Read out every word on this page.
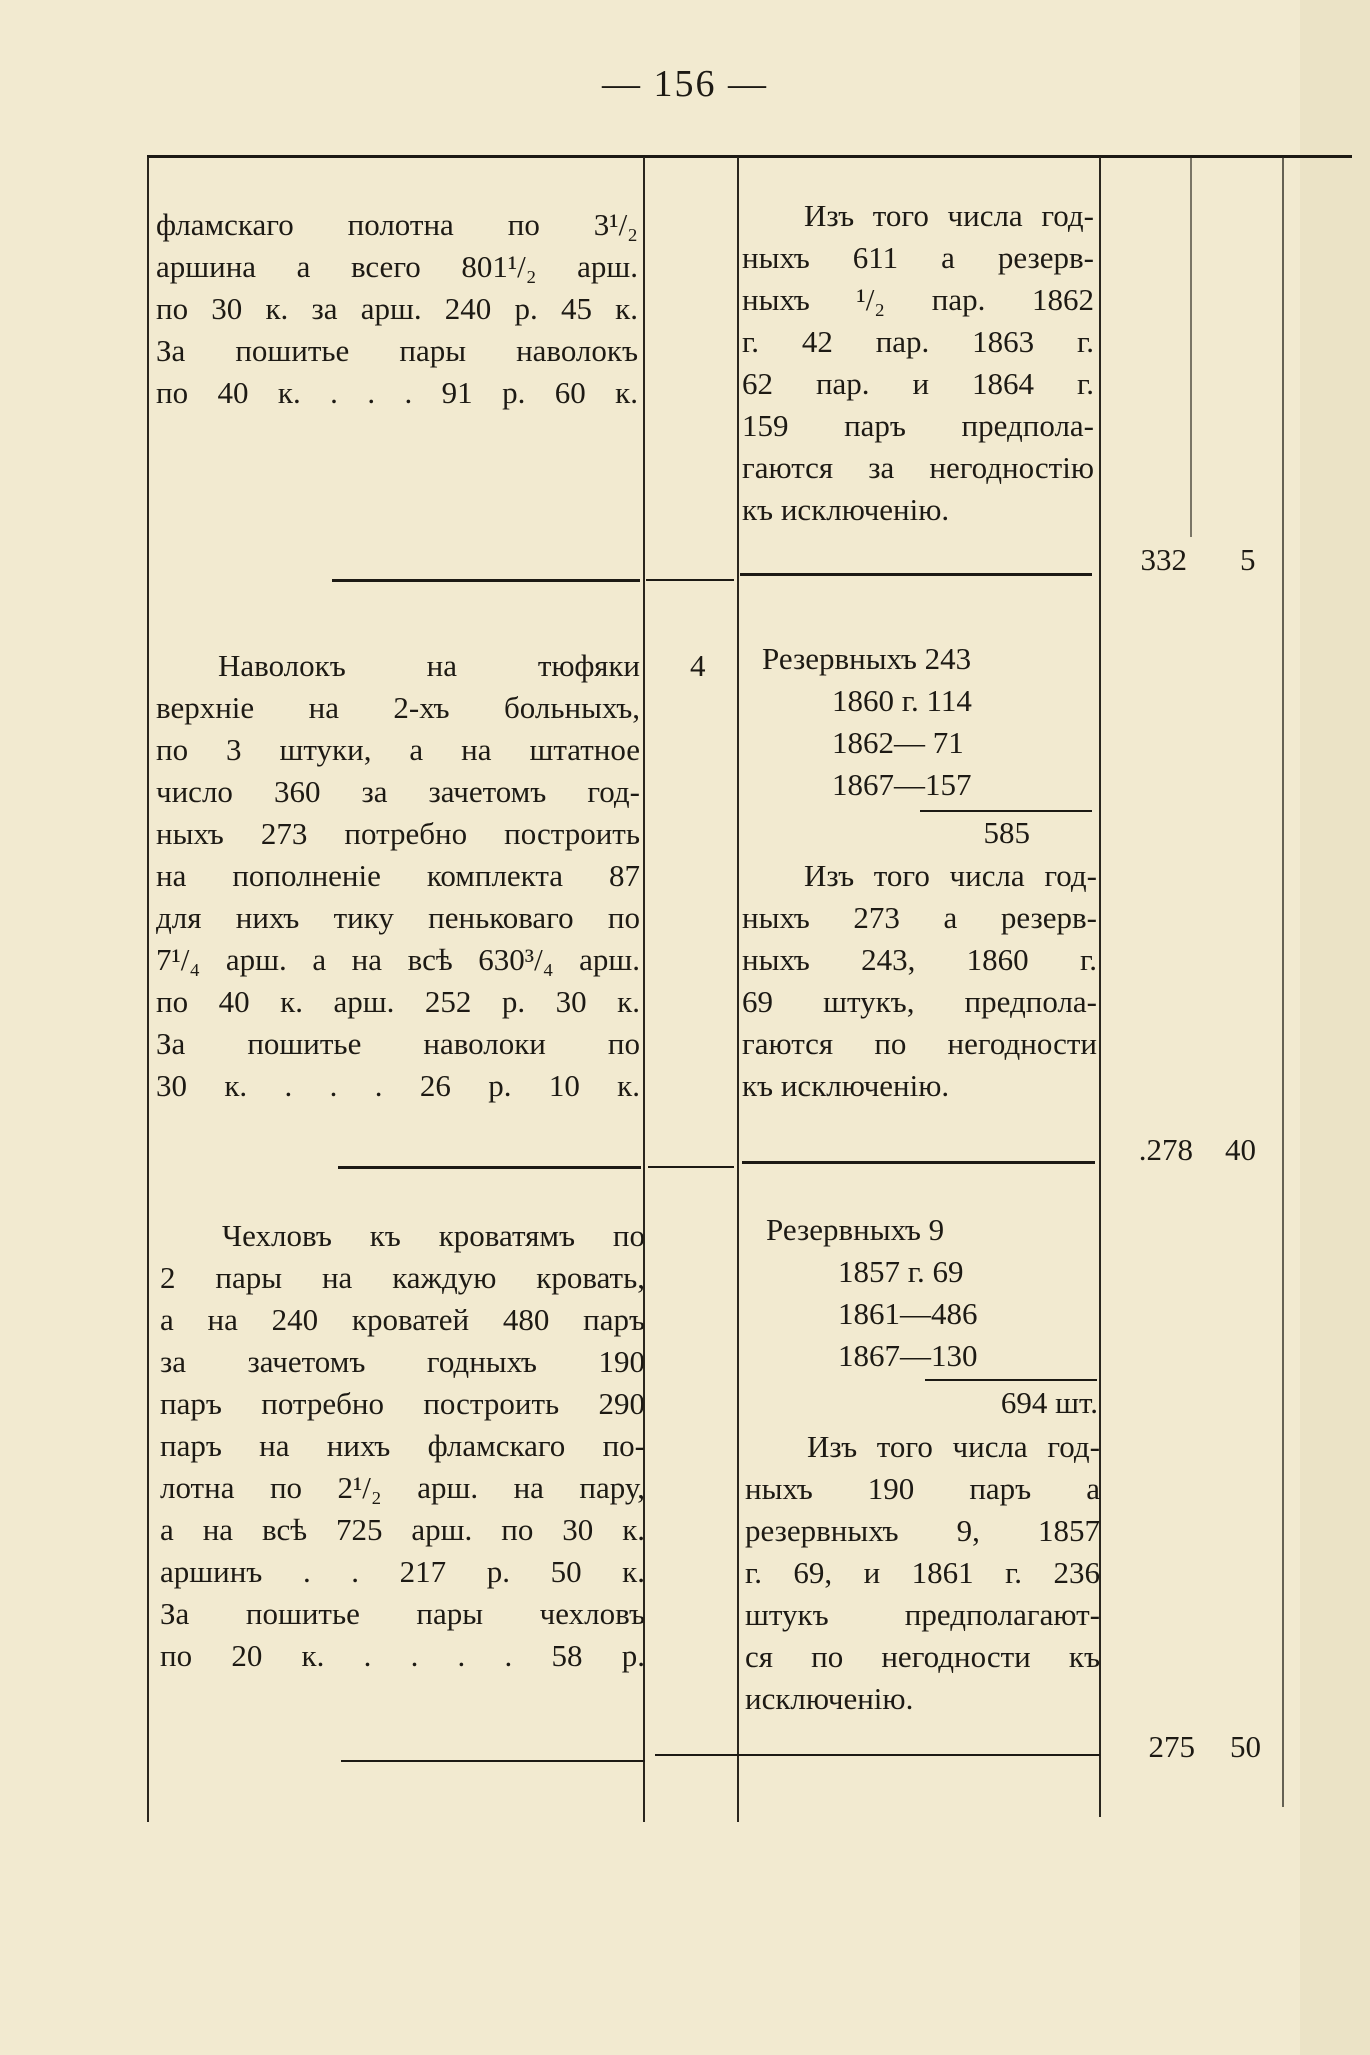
— 156 —
фламскаго полотна по 3¹/₂
аршина а всего 801¹/₂ арш.
по 30 к. за арш. 240 р. 45 к.
За пошитье пары наволокъ
по 40 к. . . . 91 р. 60 к.
Изъ того числа год-
ныхъ 611 а резерв-
ныхъ ¹/₂ пар. 1862
г. 42 пар. 1863 г.
62 пар. и 1864 г.
159 паръ предпола-
гаются за негодностію
къ исключенію.
332 5
Наволокъ на тюфяки
верхніе на 2-хъ больныхъ,
по 3 штуки, а на штатное
число 360 за зачетомъ год-
ныхъ 273 потребно построить
на пополненіе комплекта 87
для нихъ тику пеньковаго по
7¹/₄ арш. а на всѣ 630³/₄ арш.
по 40 к. арш. 252 р. 30 к.
За пошитье наволоки по
30 к. . . . 26 р. 10 к.
4 Резервныхъ 243
1860 г. 114
1862— 71
1867—157
585
Изъ того числа год-
ныхъ 273 а резерв-
ныхъ 243, 1860 г.
69 штукъ, предпола-
гаются по негодности
къ исключенію.
.278 40
Чехловъ къ кроватямъ по
2 пары на каждую кровать,
а на 240 кроватей 480 паръ
за зачетомъ годныхъ 190
паръ потребно построить 290
паръ на нихъ фламскаго по-
лотна по 2¹/₂ арш. на пару,
а на всѣ 725 арш. по 30 к.
аршинъ . . 217 р. 50 к.
За пошитье пары чехловъ
по 20 к. . . . . 58 р.
Резервныхъ 9
1857 г. 69
1861—486
1867—130
694 шт.
Изъ того числа год-
ныхъ 190 паръ а
резервныхъ 9, 1857
г. 69, и 1861 г. 236
штукъ предполагают-
ся по негодности къ
исключенію.
275 50
